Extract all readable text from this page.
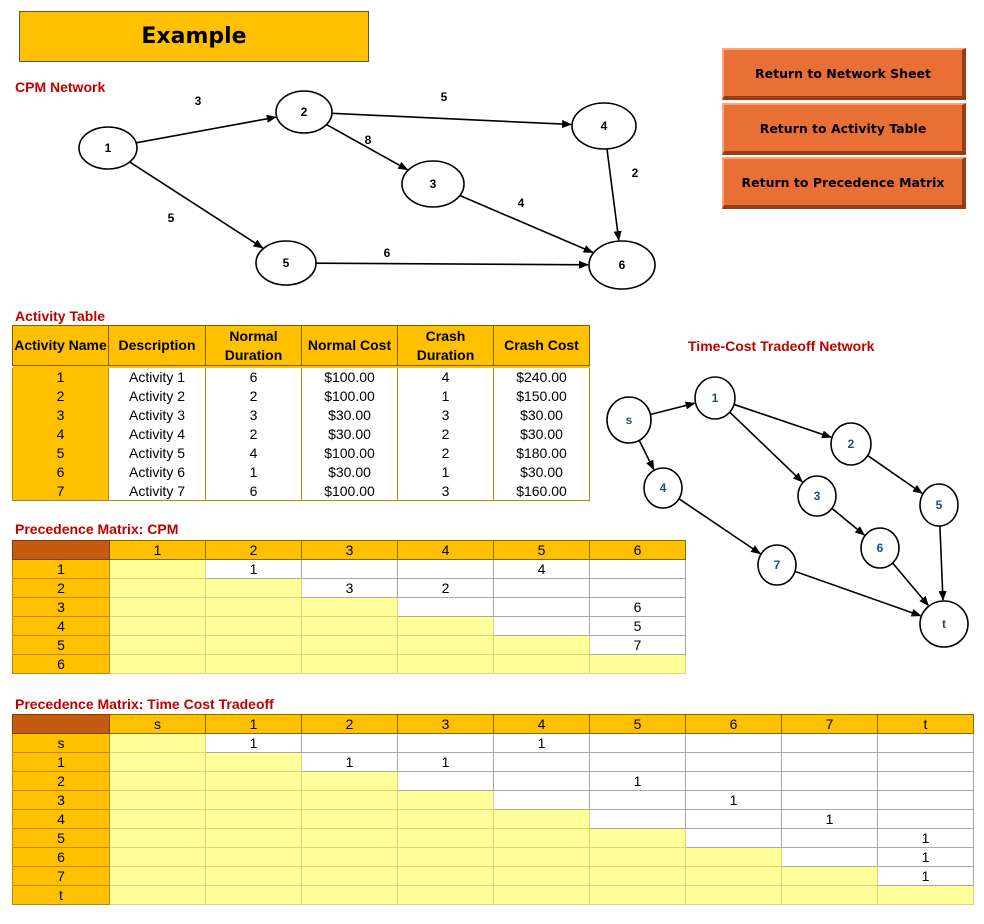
Example
Return to Network Sheet
Return to Activity Table
Return to Precedence Matrix
CPM Network
Activity Table
Time-Cost Tradeoff Network
Precedence Matrix: CPM
Precedence Matrix: Time Cost Tradeoff
3
5
5
8
4
2
6
1
2
3
4
5	6
s
1
2
3
4
5
6
7
t
Activity Name	Description	Normal Duration	Normal Cost	Crash Duration	Crash Cost

1	Activity 1	6	$100.00	4	$240.00
2	Activity 2	2	$100.00	1	$150.00
3	Activity 3	3	$30.00	3	$30.00
4	Activity 4	2	$30.00	2	$30.00
5	Activity 5	4	$100.00	2	$180.00
6	Activity 6	1	$30.00	1	$30.00
7	Activity 7	6	$100.00	3	$160.00
	1	2	3	4	5	6
1		1			4	
2			3	2		
3						6
4						5
5						7
6						
	s	1	2	3	4	5	6	7	t
s		1			1				
1			1	1					
2						1			
3							1		
4								1	
5									1
6									1
7									1
t									
